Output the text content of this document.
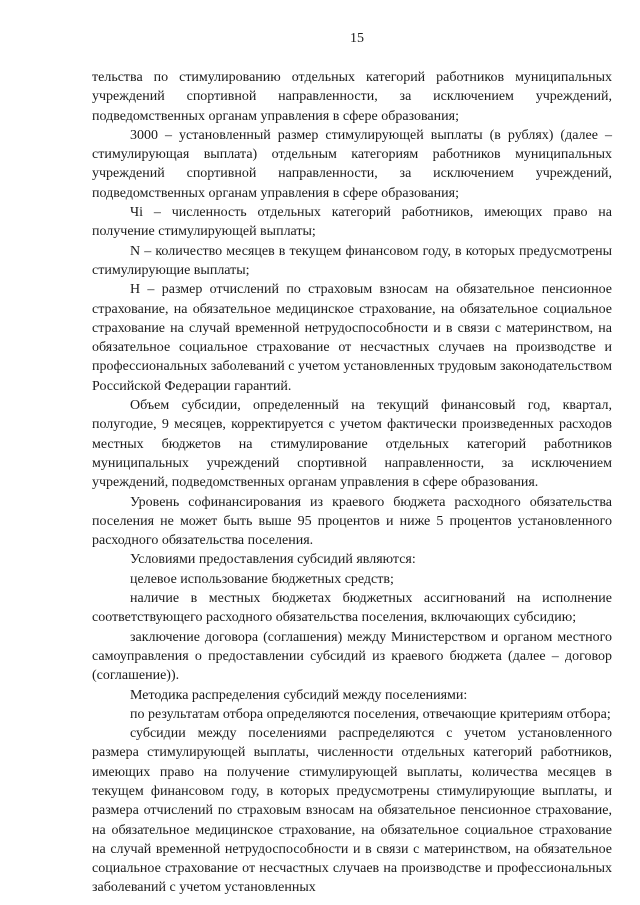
15

тельства по стимулированию отдельных категорий работников муниципальных учреждений спортивной направленности, за исключением учреждений, подведомственных органам управления в сфере образования;

3000 – установленный размер стимулирующей выплаты (в рублях) (далее – стимулирующая выплата) отдельным категориям работников муниципальных учреждений спортивной направленности, за исключением учреждений, подведомственных органам управления в сфере образования;

Чi – численность отдельных категорий работников, имеющих право на получение стимулирующей выплаты;

N – количество месяцев в текущем финансовом году, в которых предусмотрены стимулирующие выплаты;

Н – размер отчислений по страховым взносам на обязательное пенсионное страхование, на обязательное медицинское страхование, на обязательное социальное страхование на случай временной нетрудоспособности и в связи с материнством, на обязательное социальное страхование от несчастных случаев на производстве и профессиональных заболеваний с учетом установленных трудовым законодательством Российской Федерации гарантий.

Объем субсидии, определенный на текущий финансовый год, квартал, полугодие, 9 месяцев, корректируется с учетом фактически произведенных расходов местных бюджетов на стимулирование отдельных категорий работников муниципальных учреждений спортивной направленности, за исключением учреждений, подведомственных органам управления в сфере образования.

Уровень софинансирования из краевого бюджета расходного обязательства поселения не может быть выше 95 процентов и ниже 5 процентов установленного расходного обязательства поселения.

Условиями предоставления субсидий являются:

целевое использование бюджетных средств;

наличие в местных бюджетах бюджетных ассигнований на исполнение соответствующего расходного обязательства поселения, включающих субсидию;

заключение договора (соглашения) между Министерством и органом местного самоуправления о предоставлении субсидий из краевого бюджета (далее – договор (соглашение)).

Методика распределения субсидий между поселениями:

по результатам отбора определяются поселения, отвечающие критериям отбора;

субсидии между поселениями распределяются с учетом установленного размера стимулирующей выплаты, численности отдельных категорий работников, имеющих право на получение стимулирующей выплаты, количества месяцев в текущем финансовом году, в которых предусмотрены стимулирующие выплаты, и размера отчислений по страховым взносам на обязательное пенсионное страхование, на обязательное медицинское страхование, на обязательное социальное страхование на случай временной нетрудоспособности и в связи с материнством, на обязательное социальное страхование от несчастных случаев на производстве и профессиональных заболеваний с учетом установленных
